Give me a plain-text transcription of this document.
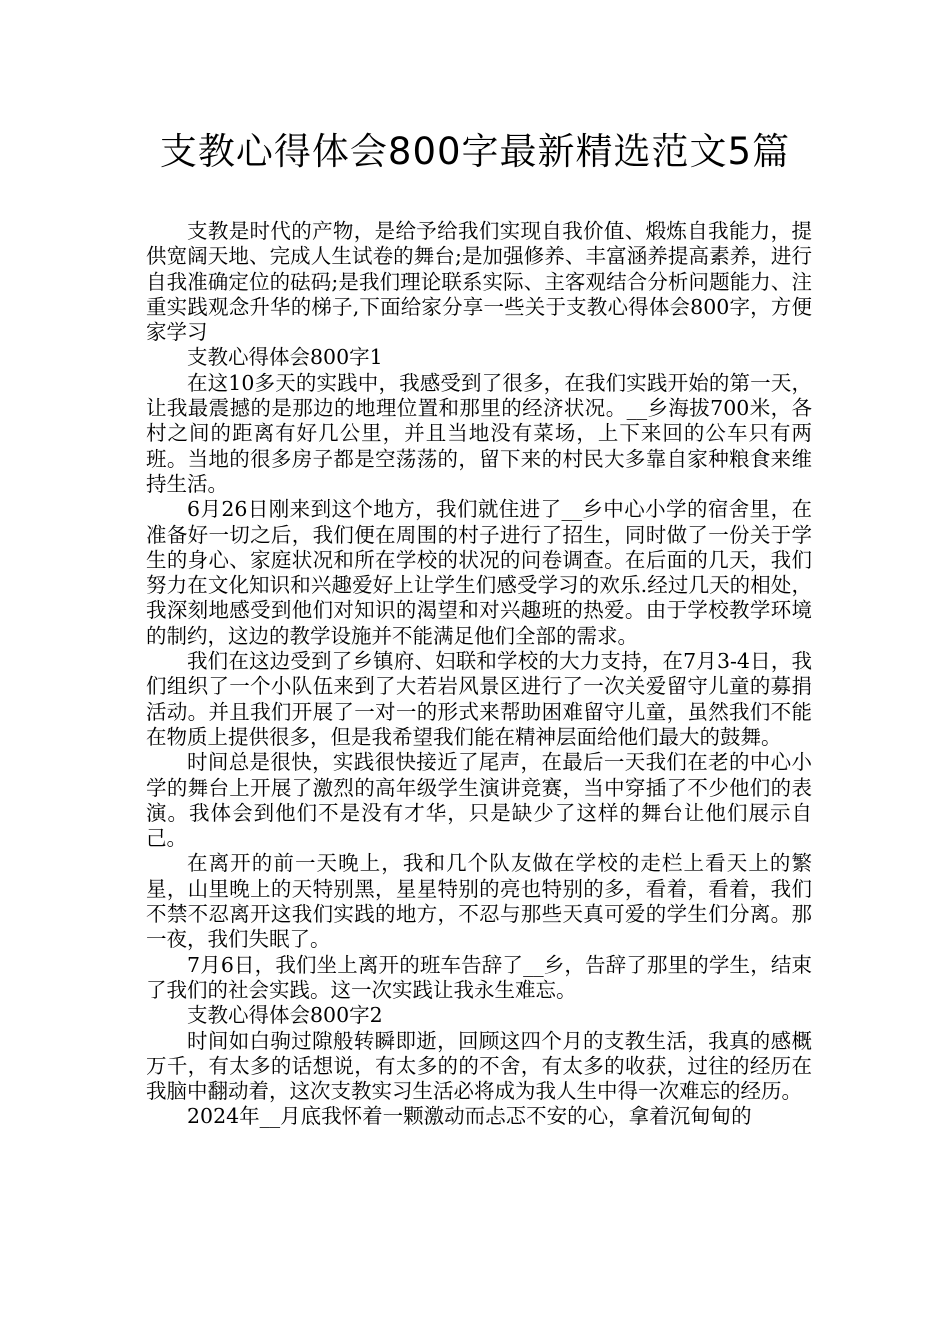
支教心得体会800字最新精选范文5篇

支教是时代的产物，是给予给我们实现自我价值、煅炼自我能力，提供宽阔天地、完成人生试卷的舞台;是加强修养、丰富涵养提高素养，进行自我准确定位的砝码;是我们理论联系实际、主客观结合分析问题能力、注重实践观念升华的梯子,下面给家分享一些关于支教心得体会800字，方便家学习

支教心得体会800字1

在这10多天的实践中，我感受到了很多，在我们实践开始的第一天，让我最震撼的是那边的地理位置和那里的经济状况。__乡海拔700米，各村之间的距离有好几公里，并且当地没有菜场，上下来回的公车只有两班。当地的很多房子都是空荡荡的，留下来的村民大多靠自家种粮食来维持生活。

6月26日刚来到这个地方，我们就住进了__乡中心小学的宿舍里，在准备好一切之后，我们便在周围的村子进行了招生，同时做了一份关于学生的身心、家庭状况和所在学校的状况的问卷调查。在后面的几天，我们努力在文化知识和兴趣爱好上让学生们感受学习的欢乐.经过几天的相处，我深刻地感受到他们对知识的渴望和对兴趣班的热爱。由于学校教学环境的制约，这边的教学设施并不能满足他们全部的需求。

我们在这边受到了乡镇府、妇联和学校的大力支持，在7月3-4日，我们组织了一个小队伍来到了大若岩风景区进行了一次关爱留守儿童的募捐活动。并且我们开展了一对一的形式来帮助困难留守儿童，虽然我们不能在物质上提供很多，但是我希望我们能在精神层面给他们最大的鼓舞。

时间总是很快，实践很快接近了尾声，在最后一天我们在老的中心小学的舞台上开展了激烈的高年级学生演讲竞赛，当中穿插了不少他们的表演。我体会到他们不是没有才华，只是缺少了这样的舞台让他们展示自己。

在离开的前一天晚上，我和几个队友做在学校的走栏上看天上的繁星，山里晚上的天特别黑，星星特别的亮也特别的多，看着，看着，我们不禁不忍离开这我们实践的地方，不忍与那些天真可爱的学生们分离。那一夜，我们失眠了。

7月6日，我们坐上离开的班车告辞了__乡，告辞了那里的学生，结束了我们的社会实践。这一次实践让我永生难忘。

支教心得体会800字2

时间如白驹过隙般转瞬即逝，回顾这四个月的支教生活，我真的感概万千，有太多的话想说，有太多的的不舍，有太多的收获，过往的经历在我脑中翻动着，这次支教实习生活必将成为我人生中得一次难忘的经历。

2024年__月底我怀着一颗激动而忐忑不安的心，拿着沉甸甸的
